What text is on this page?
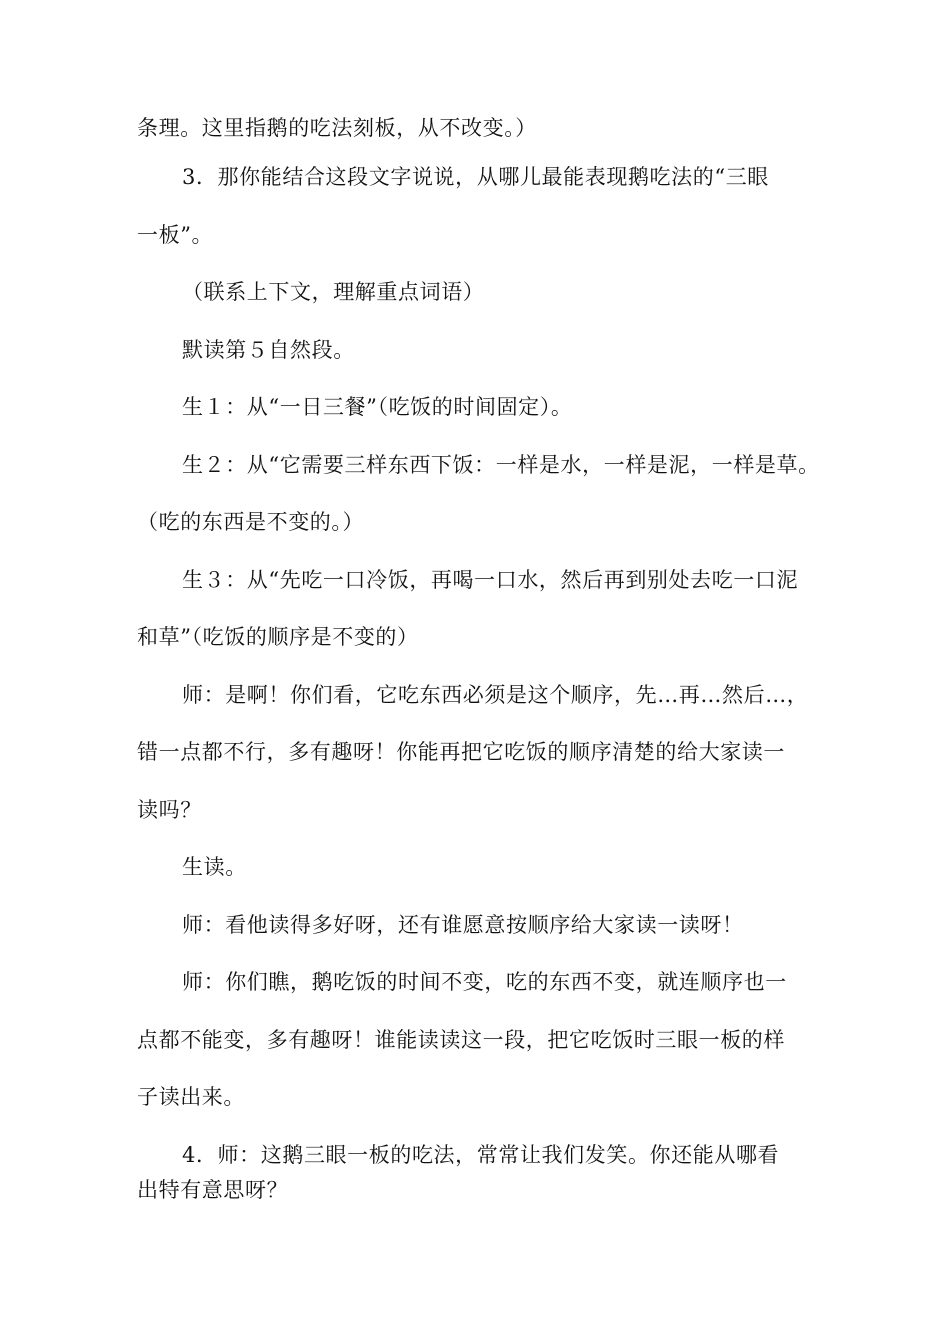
条理。这里指鹅的吃法刻板，从不改变。）
3．那你能结合这段文字说说，从哪儿最能表现鹅吃法的“三眼
一板”。
（联系上下文，理解重点词语）
默读第５自然段。
生１：从“一日三餐”（吃饭的时间固定）。
生２：从“它需要三样东西下饭：一样是水，一样是泥，一样是草。
（吃的东西是不变的。）
生３：从“先吃一口冷饭，再喝一口水，然后再到别处去吃一口泥
和草”（吃饭的顺序是不变的）
师：是啊！你们看，它吃东西必须是这个顺序，先…再…然后…，
错一点都不行，多有趣呀！你能再把它吃饭的顺序清楚的给大家读一
读吗？
生读。
师：看他读得多好呀，还有谁愿意按顺序给大家读一读呀！
师：你们瞧，鹅吃饭的时间不变，吃的东西不变，就连顺序也一
点都不能变，多有趣呀！谁能读读这一段，把它吃饭时三眼一板的样
子读出来。
4．师：这鹅三眼一板的吃法，常常让我们发笑。你还能从哪看
出特有意思呀？
